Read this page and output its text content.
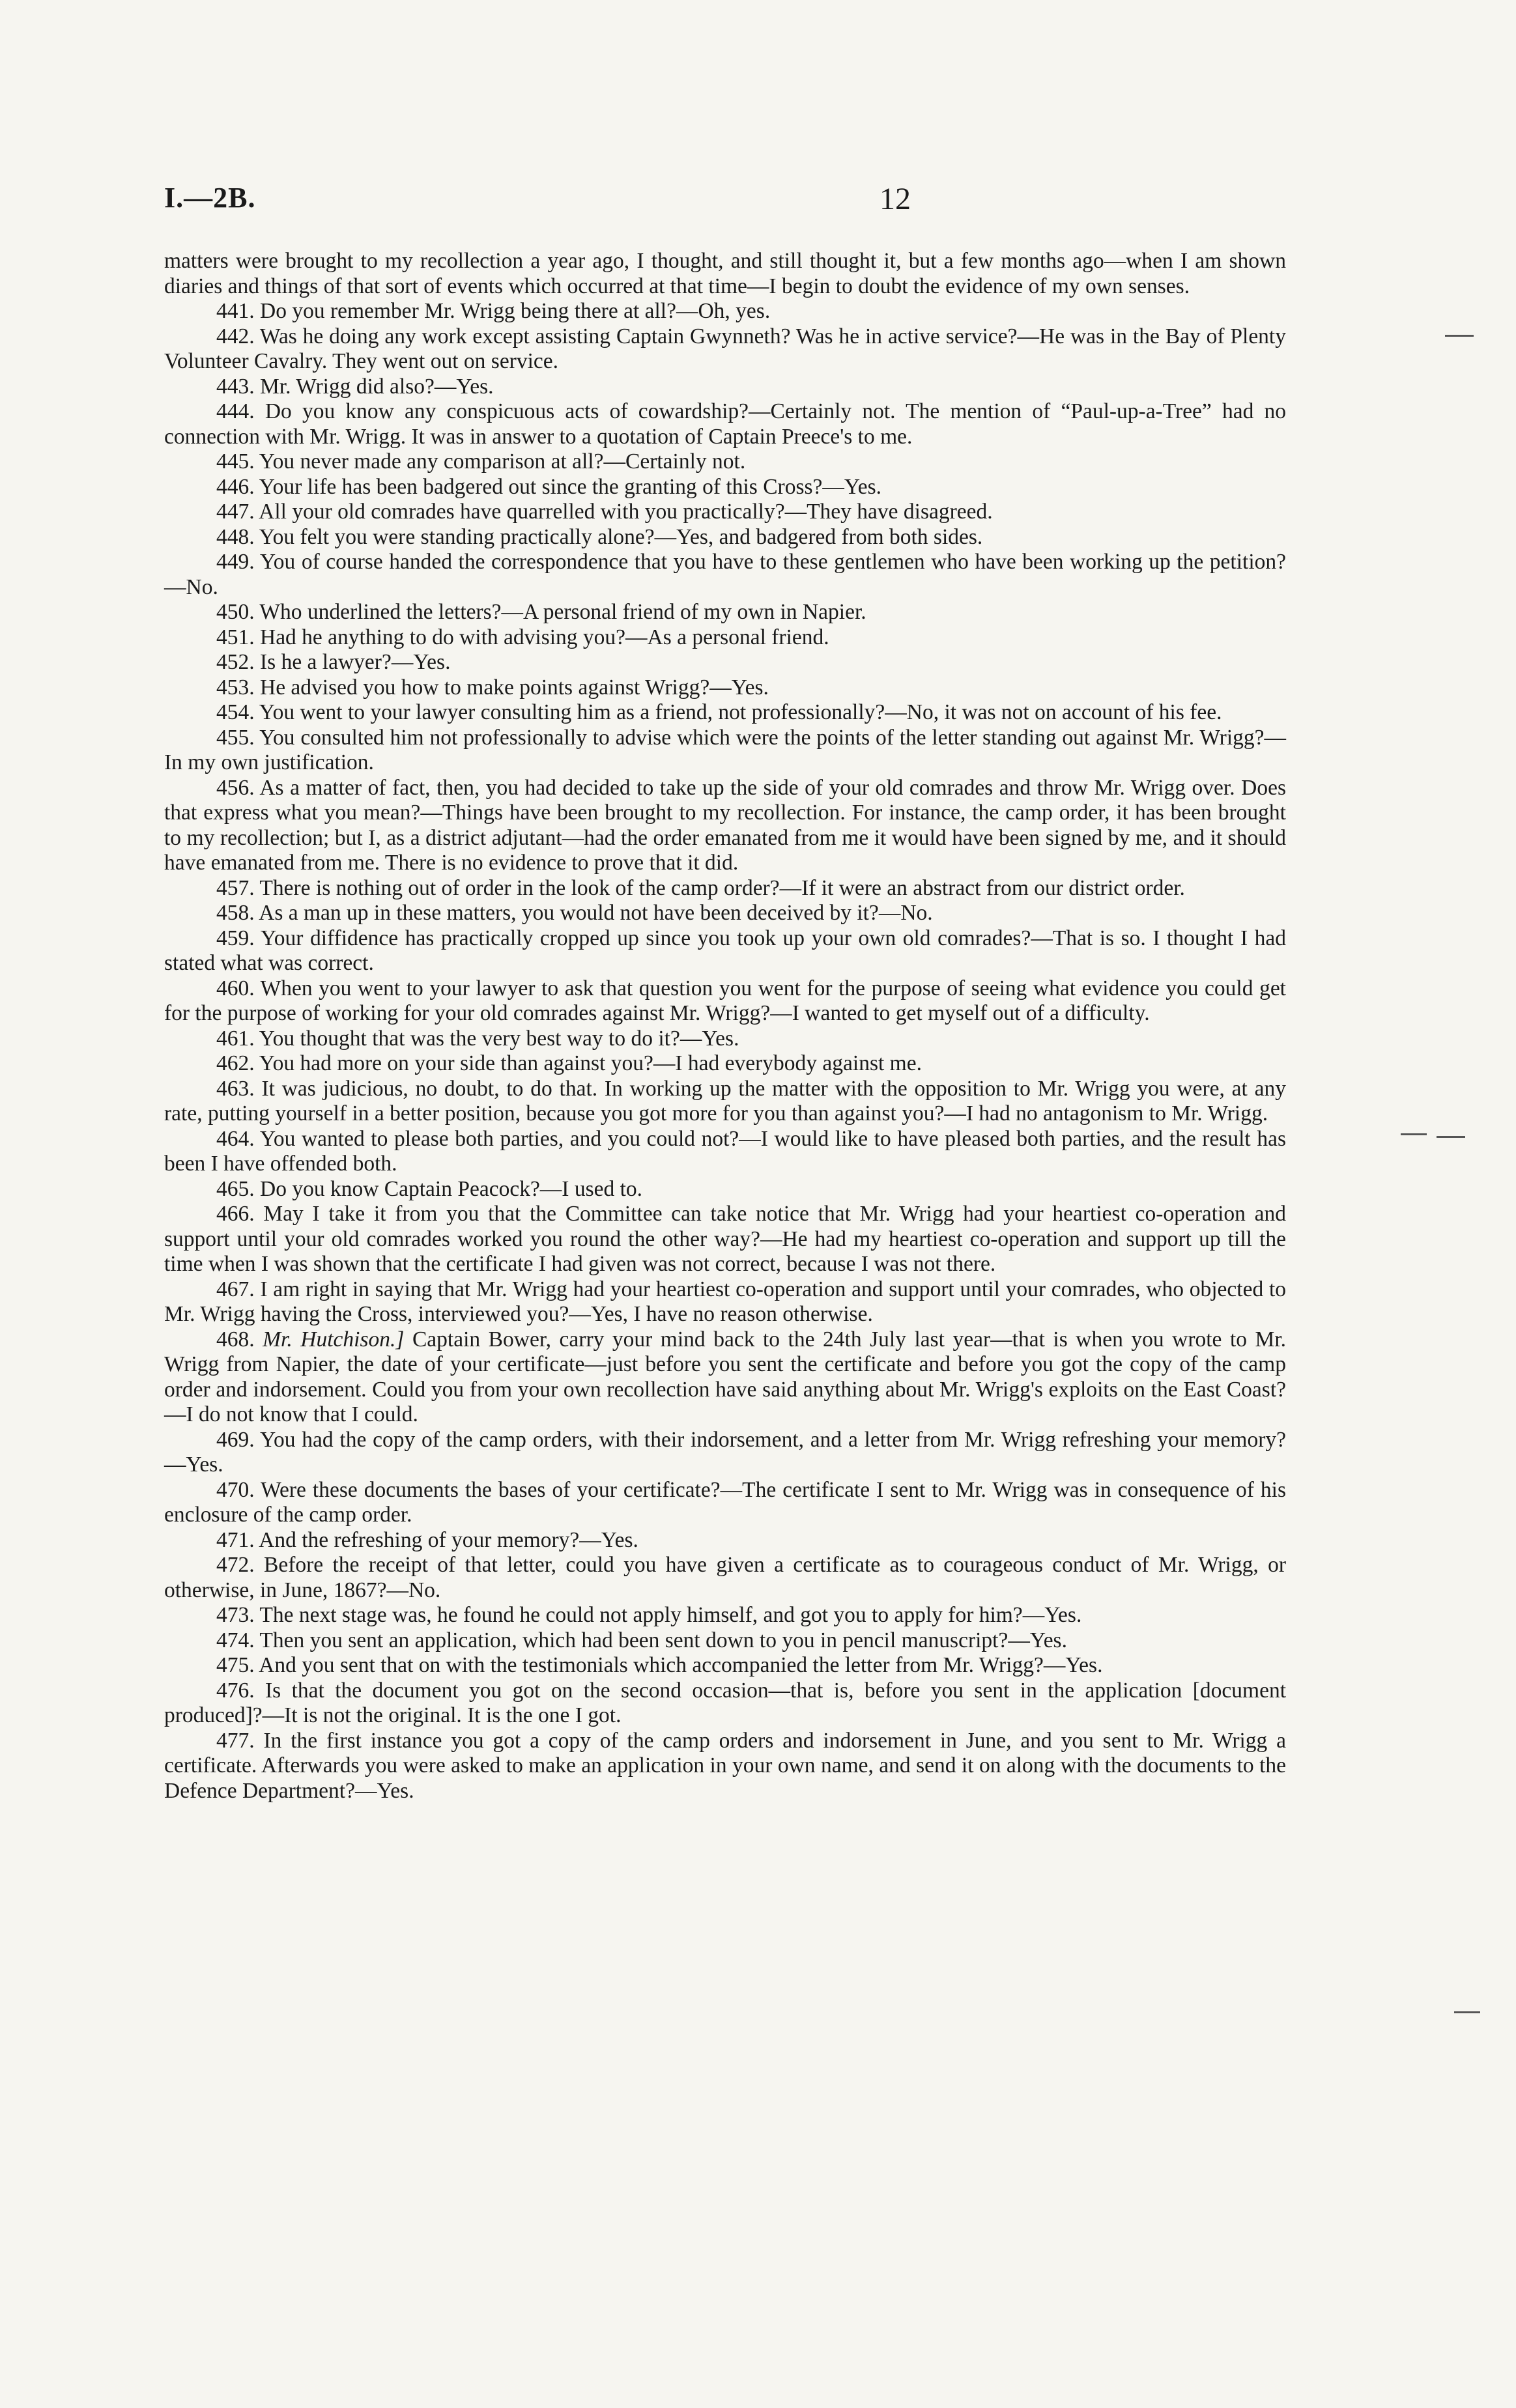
I.—2B.	12

matters were brought to my recollection a year ago, I thought, and still thought it, but a few months ago—when I am shown diaries and things of that sort of events which occurred at that time—I begin to doubt the evidence of my own senses.

441. Do you remember Mr. Wrigg being there at all?—Oh, yes.

442. Was he doing any work except assisting Captain Gwynneth? Was he in active service?—He was in the Bay of Plenty Volunteer Cavalry. They went out on service.

443. Mr. Wrigg did also?—Yes.

444. Do you know any conspicuous acts of cowardship?—Certainly not. The mention of “Paul-up-a-Tree” had no connection with Mr. Wrigg. It was in answer to a quotation of Captain Preece's to me.

445. You never made any comparison at all?—Certainly not.

446. Your life has been badgered out since the granting of this Cross?—Yes.

447. All your old comrades have quarrelled with you practically?—They have disagreed.

448. You felt you were standing practically alone?—Yes, and badgered from both sides.

449. You of course handed the correspondence that you have to these gentlemen who have been working up the petition?—No.

450. Who underlined the letters?—A personal friend of my own in Napier.

451. Had he anything to do with advising you?—As a personal friend.

452. Is he a lawyer?—Yes.

453. He advised you how to make points against Wrigg?—Yes.

454. You went to your lawyer consulting him as a friend, not professionally?—No, it was not on account of his fee.

455. You consulted him not professionally to advise which were the points of the letter standing out against Mr. Wrigg?—In my own justification.

456. As a matter of fact, then, you had decided to take up the side of your old comrades and throw Mr. Wrigg over. Does that express what you mean?—Things have been brought to my recollection. For instance, the camp order, it has been brought to my recollection; but I, as a district adjutant—had the order emanated from me it would have been signed by me, and it should have emanated from me. There is no evidence to prove that it did.

457. There is nothing out of order in the look of the camp order?—If it were an abstract from our district order.

458. As a man up in these matters, you would not have been deceived by it?—No.

459. Your diffidence has practically cropped up since you took up your own old comrades?—That is so. I thought I had stated what was correct.

460. When you went to your lawyer to ask that question you went for the purpose of seeing what evidence you could get for the purpose of working for your old comrades against Mr. Wrigg?—I wanted to get myself out of a difficulty.

461. You thought that was the very best way to do it?—Yes.

462. You had more on your side than against you?—I had everybody against me.

463. It was judicious, no doubt, to do that. In working up the matter with the opposition to Mr. Wrigg you were, at any rate, putting yourself in a better position, because you got more for you than against you?—I had no antagonism to Mr. Wrigg.

464. You wanted to please both parties, and you could not?—I would like to have pleased both parties, and the result has been I have offended both.

465. Do you know Captain Peacock?—I used to.

466. May I take it from you that the Committee can take notice that Mr. Wrigg had your heartiest co-operation and support until your old comrades worked you round the other way?—He had my heartiest co-operation and support up till the time when I was shown that the certificate I had given was not correct, because I was not there.

467. I am right in saying that Mr. Wrigg had your heartiest co-operation and support until your comrades, who objected to Mr. Wrigg having the Cross, interviewed you?—Yes, I have no reason otherwise.

468. Mr. Hutchison.] Captain Bower, carry your mind back to the 24th July last year—that is when you wrote to Mr. Wrigg from Napier, the date of your certificate—just before you sent the certificate and before you got the copy of the camp order and indorsement. Could you from your own recollection have said anything about Mr. Wrigg's exploits on the East Coast?—I do not know that I could.

469. You had the copy of the camp orders, with their indorsement, and a letter from Mr. Wrigg refreshing your memory?—Yes.

470. Were these documents the bases of your certificate?—The certificate I sent to Mr. Wrigg was in consequence of his enclosure of the camp order.

471. And the refreshing of your memory?—Yes.

472. Before the receipt of that letter, could you have given a certificate as to courageous conduct of Mr. Wrigg, or otherwise, in June, 1867?—No.

473. The next stage was, he found he could not apply himself, and got you to apply for him?—Yes.

474. Then you sent an application, which had been sent down to you in pencil manuscript?—Yes.

475. And you sent that on with the testimonials which accompanied the letter from Mr. Wrigg?—Yes.

476. Is that the document you got on the second occasion—that is, before you sent in the application [document produced]?—It is not the original. It is the one I got.

477. In the first instance you got a copy of the camp orders and indorsement in June, and you sent to Mr. Wrigg a certificate. Afterwards you were asked to make an application in your own name, and send it on along with the documents to the Defence Department?—Yes.
